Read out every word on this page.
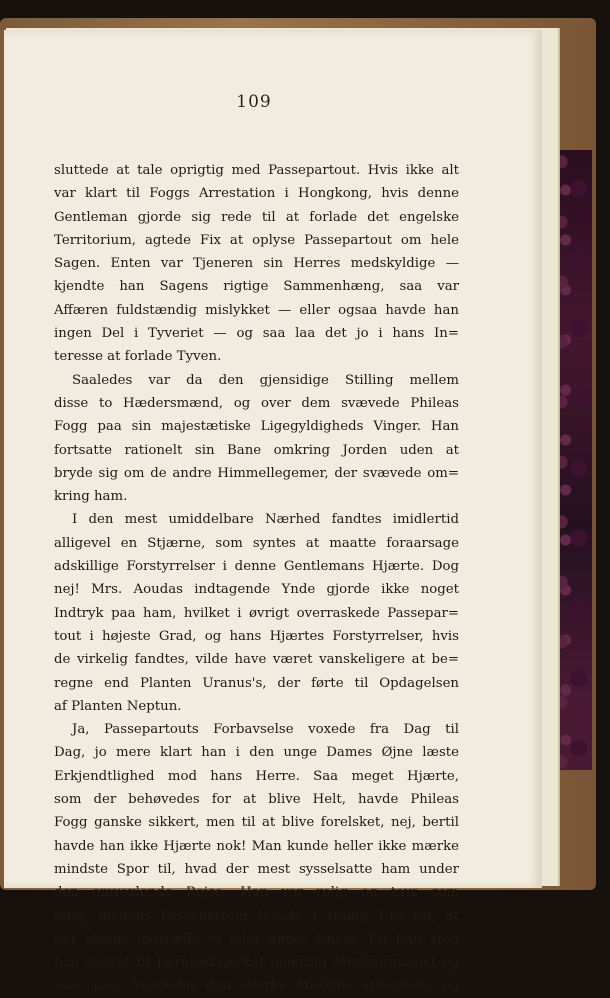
109
sluttede at tale oprigtig med Passepartout. Hvis ikke alt
var klart til Foggs Arrestation i Hongkong, hvis denne
Gentleman gjorde sig rede til at forlade det engelske
Territorium, agtede Fix at oplyse Passepartout om hele
Sagen. Enten var Tjeneren sin Herres medskyldige —
kjendte han Sagens rigtige Sammenhæng, saa var
Affæren fuldstændig mislykket — eller ogsaa havde han
ingen Del i Tyveriet — og saa laa det jo i hans In=
teresse at forlade Tyven.
Saaledes var da den gjensidige Stilling mellem
disse to Hædersmænd, og over dem svævede Phileas
Fogg paa sin majestætiske Ligegyldigheds Vinger. Han
fortsatte rationelt sin Bane omkring Jorden uden at
bryde sig om de andre Himmellegemer, der svævede om=
kring ham.
I den mest umiddelbare Nærhed fandtes imidlertid
alligevel en Stjærne, som syntes at maatte foraarsage
adskillige Forstyrrelser i denne Gentlemans Hjærte. Dog
nej! Mrs. Aoudas indtagende Ynde gjorde ikke noget
Indtryk paa ham, hvilket i øvrigt overraskede Passepar=
tout i højeste Grad, og hans Hjærtes Forstyrrelser, hvis
de virkelig fandtes, vilde have været vanskeligere at be=
regne end Planten Uranus's, der førte til Opdagelsen
af Planten Neptun.
Ja, Passepartouts Forbavselse voxede fra Dag til
Dag, jo mere klart han i den unge Dames Øjne læste
Erkjendtlighed mod hans Herre. Saa meget Hjærte,
som der behøvedes for at blive Helt, havde Phileas
Fogg ganske sikkert, men til at blive forelsket, nej, bertil
havde han ikke Hjærte nok! Man kunde heller ikke mærke
mindste Spor til, hvad der mest sysselsatte ham under
den omvexlende Rejse. Han var rolig og tavs som
altid, medens Passepartout levede i stadig Uro for, at
der skulde indtræffe et eller andet Uheld. En Dag stod
han støttet til Jærnrækværket omkring Maskinrummet og
saae paa, hvorledes den stærke Maskine arbejdede, og
